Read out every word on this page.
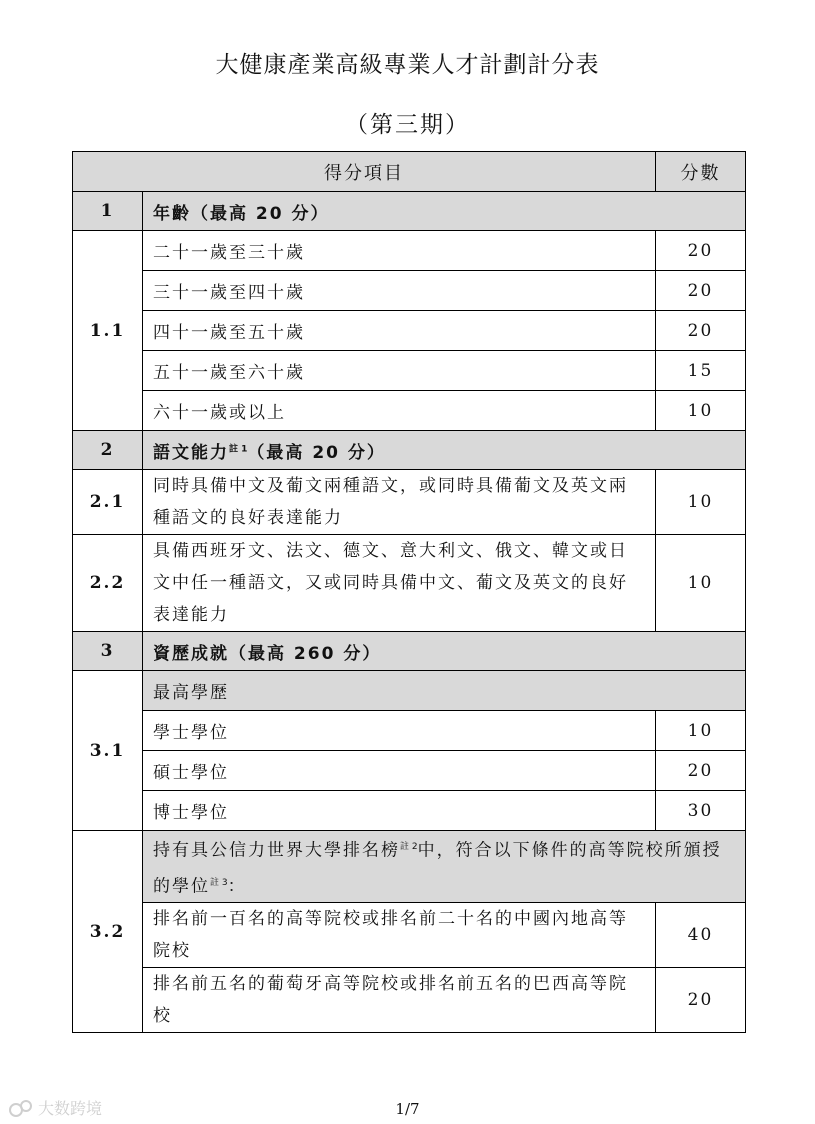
大健康產業高級專業人才計劃計分表
（第三期）
得分項目		分數
1	年齡（最高 20 分）	
1.1	二十一歲至三十歲	20
	三十一歲至四十歲	20
	四十一歲至五十歲	20
	五十一歲至六十歲	15
	六十一歲或以上	10
2	語文能力$^{註 1}$（最高 20 分）	
2.1	同時具備中文及葡文兩種語文，或同時具備葡文及英文兩種語文的良好表達能力	10
2.2	具備西班牙文、法文、德文、意大利文、俄文、韓文或日文中任一種語文，又或同時具備中文、葡文及英文的良好表達能力	10
3	資歷成就（最高 260 分）	
3.1	最高學歷	
	學士學位	10
	碩士學位	20
	博士學位	30
3.2	持有具公信力世界大學排名榜$^{註 2}$中，符合以下條件的高等院校所頒授的學位$^{註 3}$：	
	排名前一百名的高等院校或排名前二十名的中國內地高等院校	40
	排名前五名的葡萄牙高等院校或排名前五名的巴西高等院校	20
大数跨境	1/7
